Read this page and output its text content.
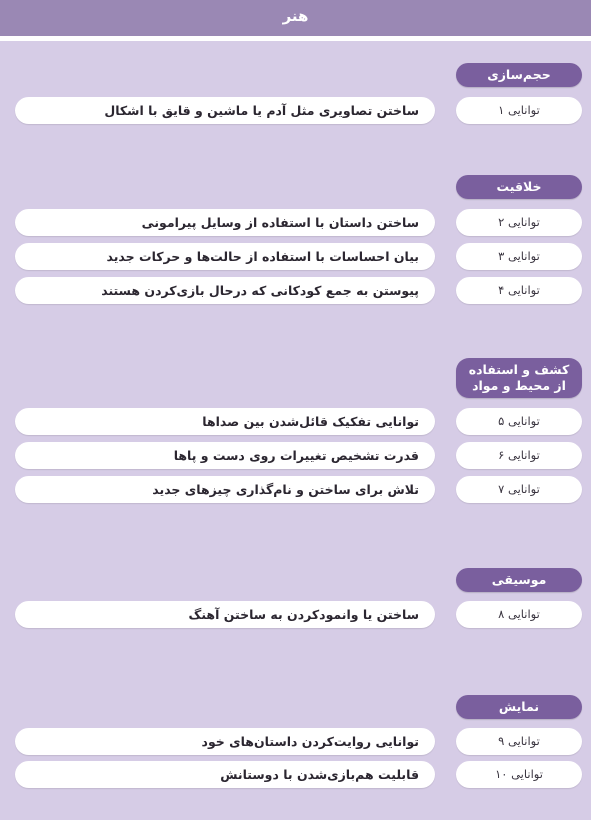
هنر
حجم‌سازی
ساختن تصاویری مثل آدم یا ماشین و قایق با اشکال	توانایی ۱
خلاقیت
ساختن داستان با استفاده از وسایل پیرامونی	توانایی ۲
بیان احساسات با استفاده از حالت‌ها و حرکات جدید	توانایی ۳
پیوستن به جمع کودکانی که درحال بازی‌کردن هستند	توانایی ۴
کشف و استفاده
از محیط و مواد
توانایی تفکیک قائل‌شدن بین صداها	توانایی ۵
قدرت تشخیص تغییرات روی دست و پاها	توانایی ۶
تلاش برای ساختن و نام‌گذاری چیزهای جدید	توانایی ۷
موسیقی
ساختن یا وانمودکردن به ساختن آهنگ	توانایی ۸
نمایش
توانایی روایت‌کردن داستان‌های خود	توانایی ۹
قابلیت هم‌بازی‌شدن با دوستانش	توانایی ۱۰
